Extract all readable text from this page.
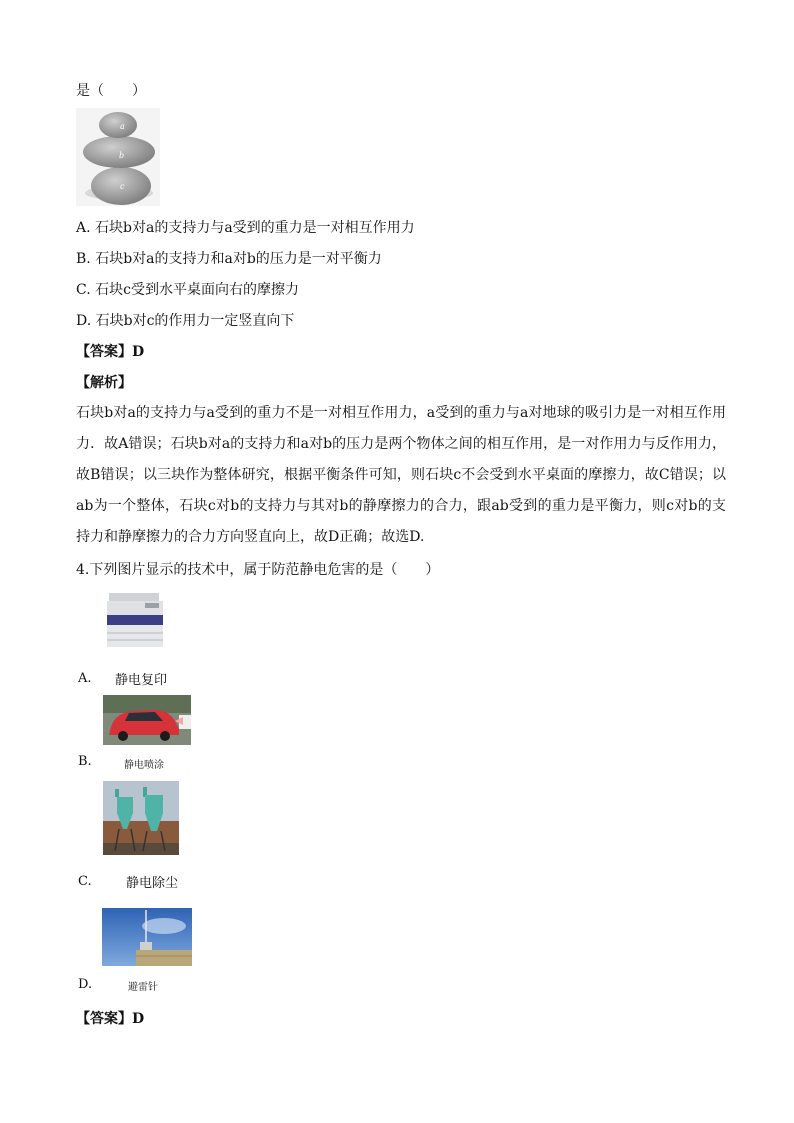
是（　　）
a
b
c
A. 石块b对a的支持力与a受到的重力是一对相互作用力
B. 石块b对a的支持力和a对b的压力是一对平衡力
C. 石块c受到水平桌面向右的摩擦力
D. 石块b对c的作用力一定竖直向下
【答案】D
【解析】
石块b对a的支持力与a受到的重力不是一对相互作用力，a受到的重力与a对地球的吸引力是一对相互作用力．故A错误；石块b对a的支持力和a对b的压力是两个物体之间的相互作用，是一对作用力与反作用力，故B错误；以三块作为整体研究，根据平衡条件可知，则石块c不会受到水平桌面的摩擦力，故C错误；以ab为一个整体，石块c对b的支持力与其对b的静摩擦力的合力，跟ab受到的重力是平衡力，则c对b的支持力和静摩擦力的合力方向竖直向上，故D正确；故选D.
4.下列图片显示的技术中，属于防范静电危害的是（　　）
A. 静电复印
B.	静电喷涂
C.	静电除尘
D.	避雷针
【答案】D
